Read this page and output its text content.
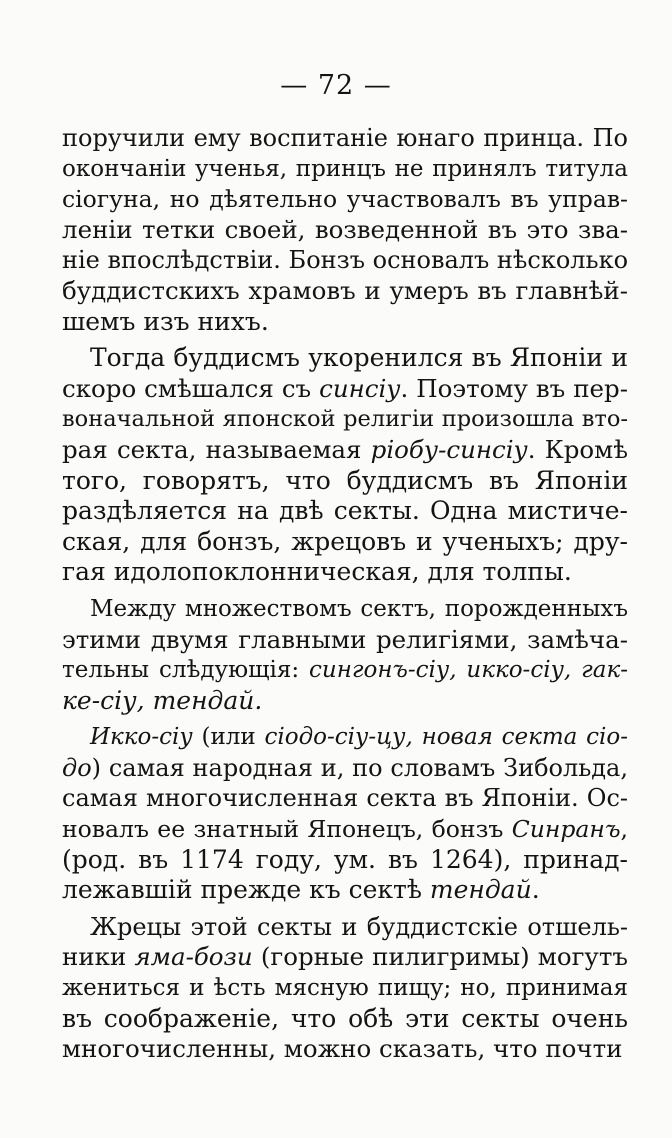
— 72 —
поручили ему воспитаніе юнаго принца. По
окончаніи ученья, принцъ не принялъ титула
сіогуна, но дѣятельно участвовалъ въ управ-
леніи тетки своей, возведенной въ это зва-
ніе впослѣдствіи. Бонзъ основалъ нѣсколько
буддистскихъ храмовъ и умеръ въ главнѣй-
шемъ изъ нихъ.
Тогда буддисмъ укоренился въ Японіи и
скоро смѣшался съ синсіу. Поэтому въ пер-
воначальной японской религіи произошла вто-
рая секта, называемая ріобу-синсіу. Кромѣ
того, говорятъ, что буддисмъ въ Японіи
раздѣляется на двѣ секты. Одна мистиче-
ская, для бонзъ, жрецовъ и ученыхъ; дру-
гая идолопоклонническая, для толпы.
Между множествомъ сектъ, порожденныхъ
этими двумя главными религіями, замѣча-
тельны слѣдующія: сингонъ-сіу, икко-сіу, гак-
ке-сіу, тендай.
Икко-сіу (или сіодо-сіу-цу, новая секта сіо-
до) самая народная и, по словамъ Зибольда,
самая многочисленная секта въ Японіи. Ос-
новалъ ее знатный Японецъ, бонзъ Синранъ,
(род. въ 1174 году, ум. въ 1264), принад-
лежавшій прежде къ сектѣ тендай.
Жрецы этой секты и буддистскіе отшель-
ники яма-бози (горные пилигримы) могутъ
жениться и ѣсть мясную пищу; но, принимая
въ соображеніе, что обѣ эти секты очень
многочисленны, можно сказать, что почти
